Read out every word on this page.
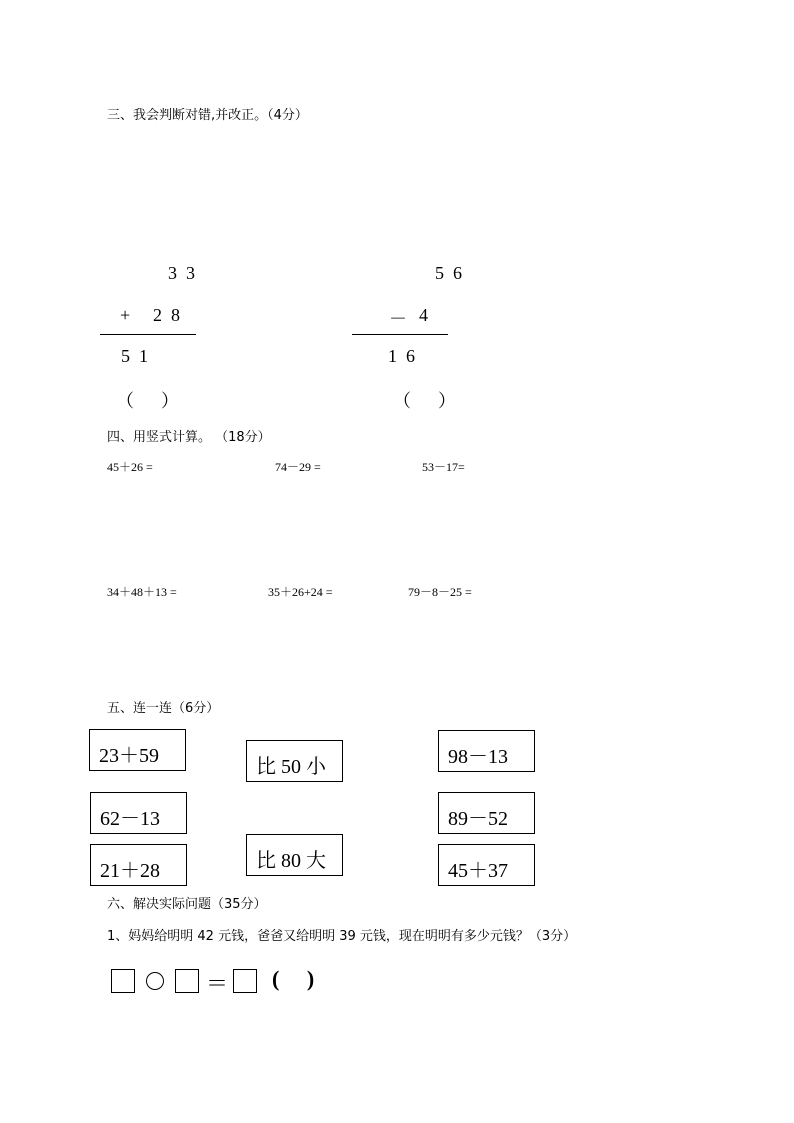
三、我会判断对错,并改正。（4分）
3  3
+ 2  8
5  1
（      ）
5  6
－ 4
1  6
（      ）
四、用竖式计算。 （18分）
45＋26 =	74－29 =	53－17=
34＋48＋13 =	35＋26+24 =	79－8－25 =
五、连一连（6分）
23＋59
62－13
21＋28
比 50 小
比 80 大
98－13
89－52
45＋37
六、解决实际问题（35分）
1、妈妈给明明 42 元钱，爸爸又给明明 39 元钱，现在明明有多少元钱？（3分）
＝ (     )
